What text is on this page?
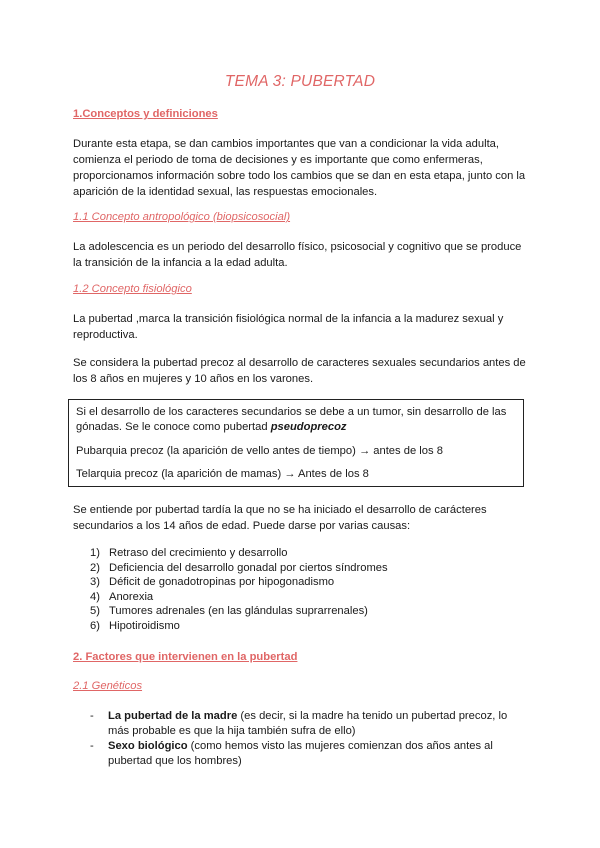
TEMA 3: PUBERTAD
1.Conceptos y definiciones
Durante esta etapa, se dan cambios importantes que van a condicionar la vida adulta, comienza el periodo de toma de decisiones y es importante que como enfermeras, proporcionamos información sobre todo los cambios que se dan en esta etapa, junto con la aparición de la identidad sexual, las respuestas emocionales.
1.1 Concepto antropológico (biopsicosocial)
La adolescencia es un periodo del desarrollo físico, psicosocial y cognitivo que se produce la transición de la infancia a la edad adulta.
1.2 Concepto fisiológico
La pubertad ,marca la transición fisiológica normal de la infancia a la madurez sexual y reproductiva.
Se considera la pubertad precoz al desarrollo de caracteres sexuales secundarios antes de los 8 años en mujeres y 10 años en los varones.

Si el desarrollo de los caracteres secundarios se debe a un tumor, sin desarrollo de las gónadas. Se le conoce como pubertad pseudoprecoz

Pubarquia precoz (la aparición de vello antes de tiempo) → antes de los 8

Telarquia precoz (la aparición de mamas) → Antes de los 8

Se entiende por pubertad tardía la que no se ha iniciado el desarrollo de carácteres secundarios a los 14 años de edad. Puede darse por varias causas:
1) Retraso del crecimiento y desarrollo
2) Deficiencia del desarrollo gonadal por ciertos síndromes
3) Déficit de gonadotropinas por hipogonadismo
4) Anorexia
5) Tumores adrenales (en las glándulas suprarrenales)
6) Hipotiroidismo
2. Factores que intervienen en la pubertad
2.1 Genéticos
- La pubertad de la madre (es decir, si la madre ha tenido un pubertad precoz, lo más probable es que la hija también sufra de ello)
- Sexo biológico (como hemos visto las mujeres comienzan dos años antes al pubertad que los hombres)
